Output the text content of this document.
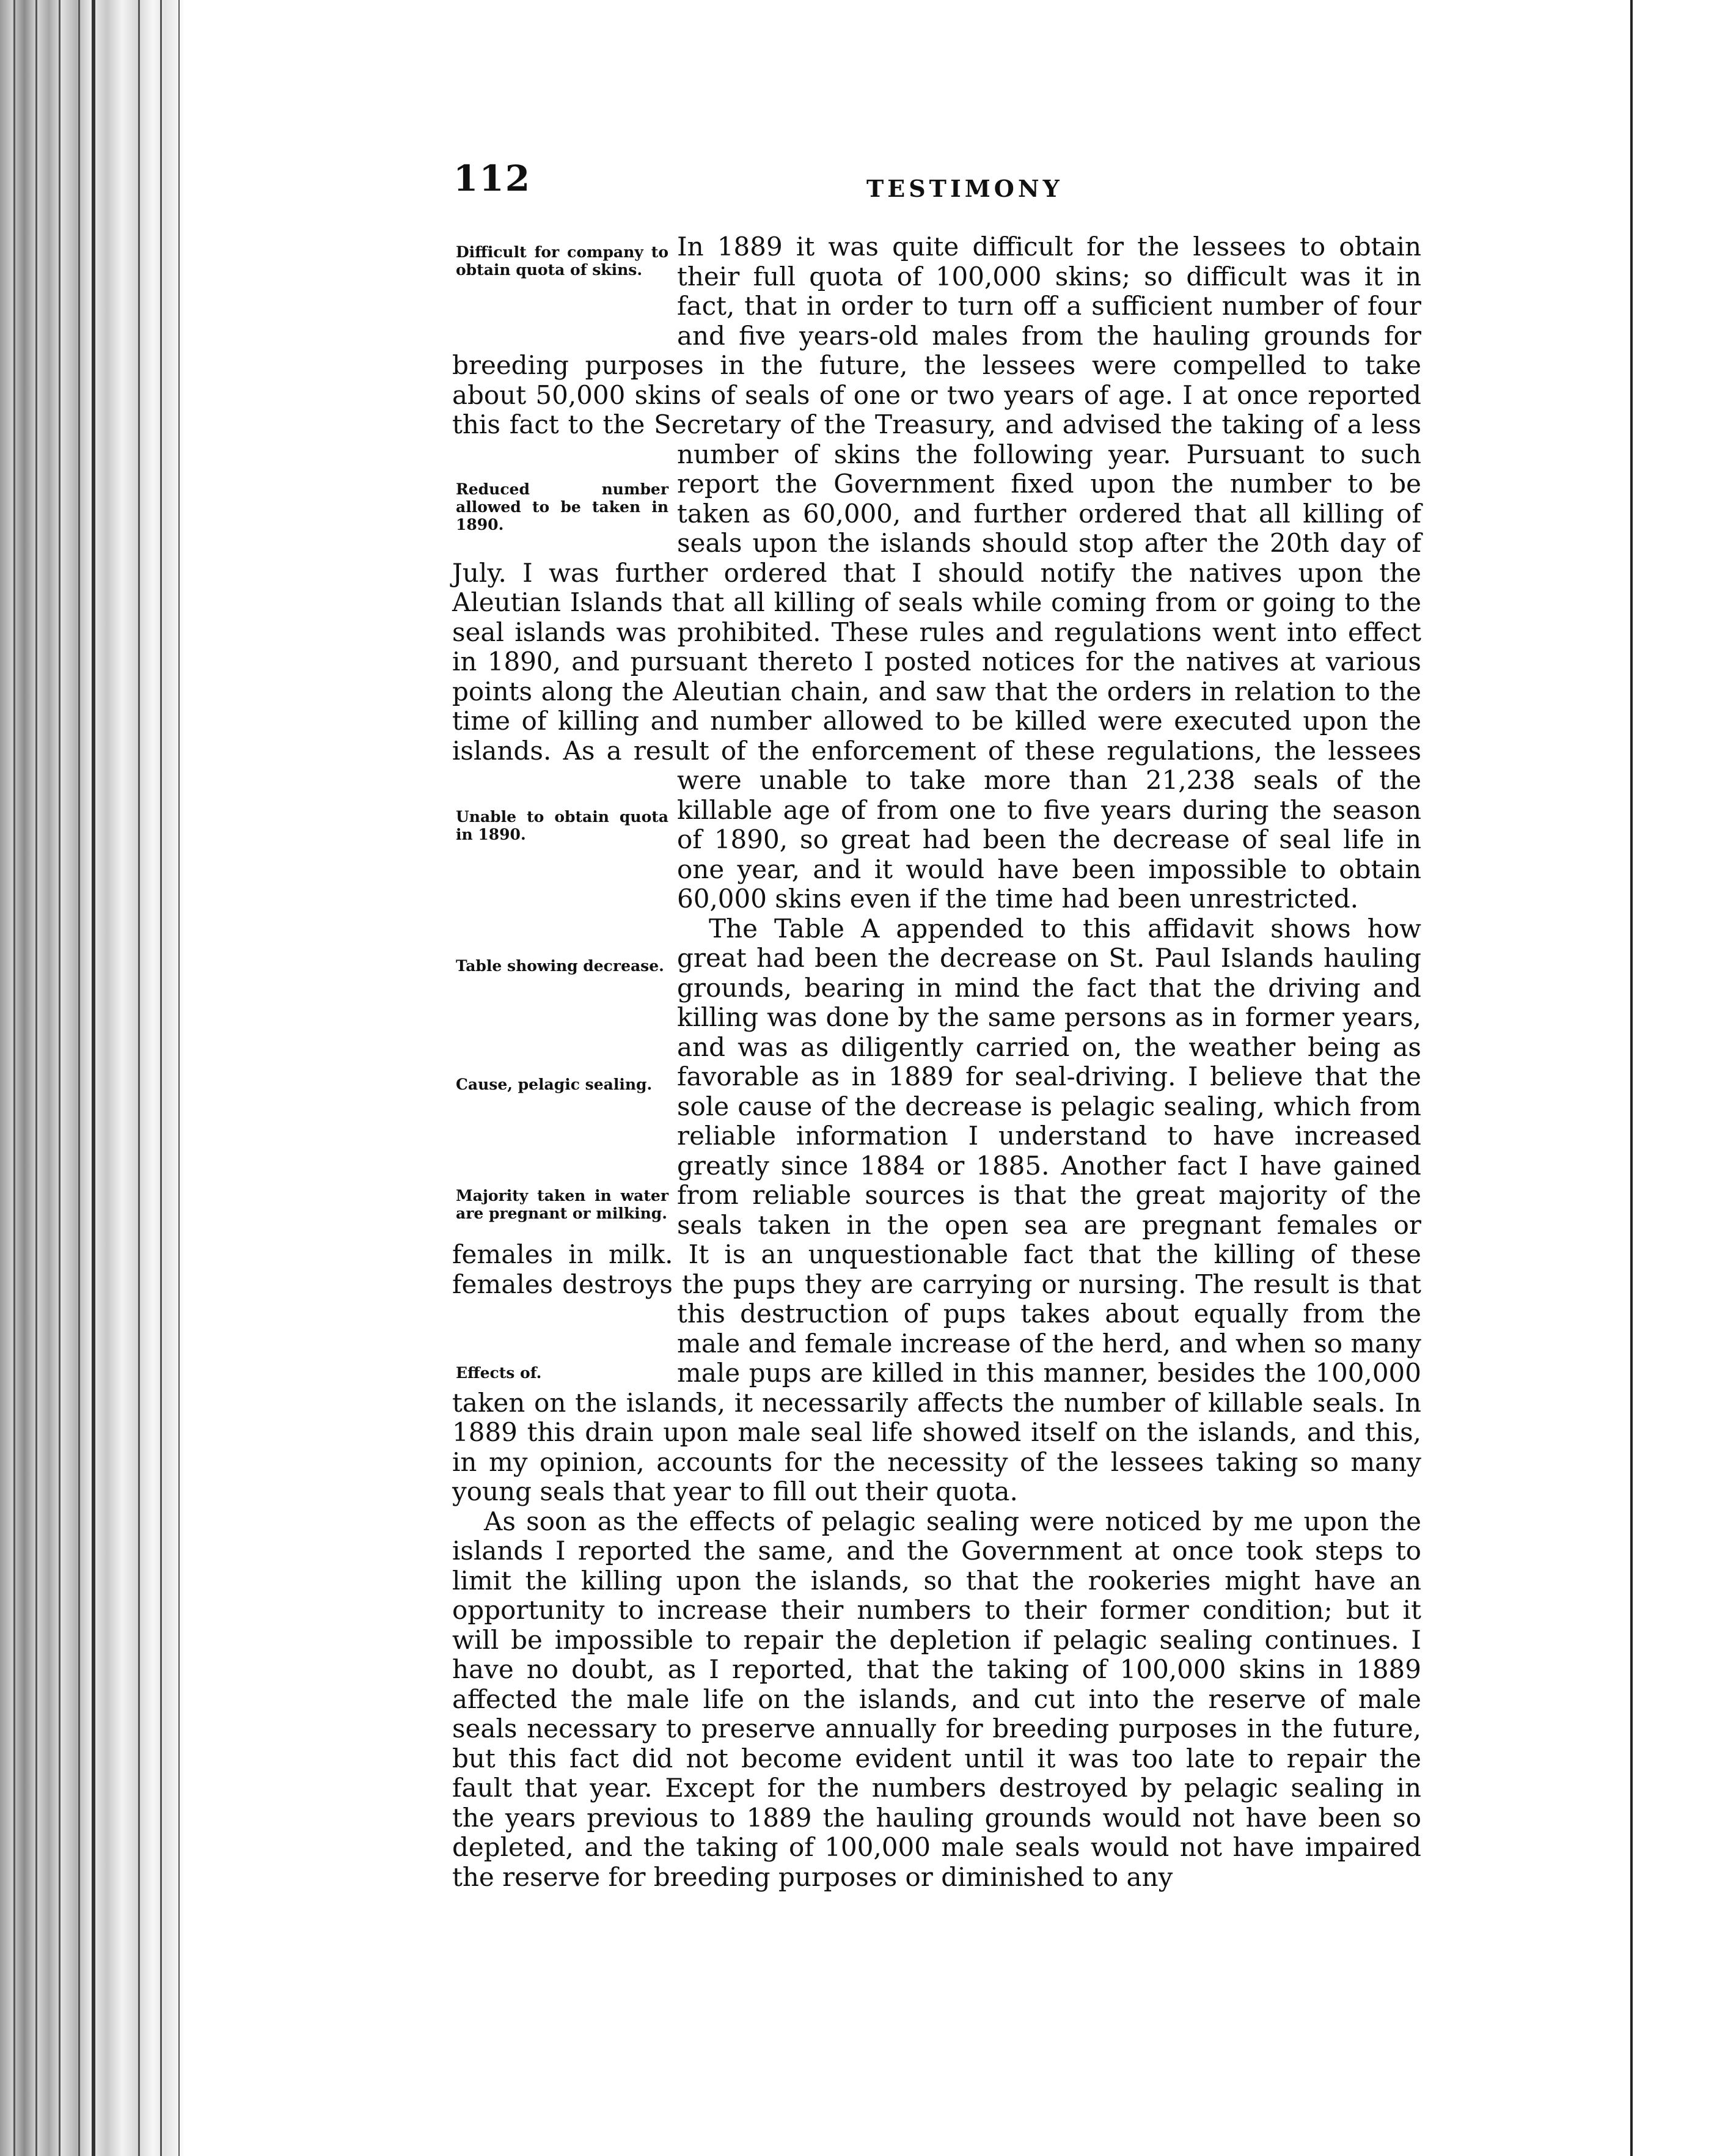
112	TESTIMONY
Difficult for company to obtain quota of skins.
Reduced number allowed to be taken in 1890.
Unable to obtain quota in 1890.
Table showing decrease.
Cause, pelagic sealing.
Majority taken in water are pregnant or milking.
Effects of.

In 1889 it was quite difficult for the lessees to obtain their full quota of 100,000 skins; so difficult was it in fact, that in order to turn off a sufficient number of four and five years-old males from the hauling grounds for breeding purposes in the future, the lessees were compelled to take about 50,000 skins of seals of one or two years of age. I at once reported this fact to the Secretary of the Treasury, and advised the taking of a less number of skins the following year. Pursuant to such report the Government fixed upon the number to be taken as 60,000, and further ordered that all killing of seals upon the islands should stop after the 20th day of July. I was further ordered that I should notify the natives upon the Aleutian Islands that all killing of seals while coming from or going to the seal islands was prohibited. These rules and regulations went into effect in 1890, and pursuant thereto I posted notices for the natives at various points along the Aleutian chain, and saw that the orders in relation to the time of killing and number allowed to be killed were executed upon the islands. As a result of the enforcement of these regulations, the lessees were unable to take more than 21,238 seals of the killable age of from one to five years during the season of 1890, so great had been the decrease of seal life in one year, and it would have been impossible to obtain 60,000 skins even if the time had been unrestricted.

The Table A appended to this affidavit shows how great had been the decrease on St. Paul Islands hauling grounds, bearing in mind the fact that the driving and killing was done by the same persons as in former years, and was as diligently carried on, the weather being as favorable as in 1889 for seal-driving. I believe that the sole cause of the decrease is pelagic sealing, which from reliable information I understand to have increased greatly since 1884 or 1885. Another fact I have gained from reliable sources is that the great majority of the seals taken in the open sea are pregnant females or females in milk. It is an unquestionable fact that the killing of these females destroys the pups they are carrying or nursing. The result is that this destruction of pups takes about equally from the male and female increase of the herd, and when so many male pups are killed in this manner, besides the 100,000 taken on the islands, it necessarily affects the number of killable seals. In 1889 this drain upon male seal life showed itself on the islands, and this, in my opinion, accounts for the necessity of the lessees taking so many young seals that year to fill out their quota.

As soon as the effects of pelagic sealing were noticed by me upon the islands I reported the same, and the Government at once took steps to limit the killing upon the islands, so that the rookeries might have an opportunity to increase their numbers to their former condition; but it will be impossible to repair the depletion if pelagic sealing continues. I have no doubt, as I reported, that the taking of 100,000 skins in 1889 affected the male life on the islands, and cut into the reserve of male seals necessary to preserve annually for breeding purposes in the future, but this fact did not become evident until it was too late to repair the fault that year. Except for the numbers destroyed by pelagic sealing in the years previous to 1889 the hauling grounds would not have been so depleted, and the taking of 100,000 male seals would not have impaired the reserve for breeding purposes or diminished to any
